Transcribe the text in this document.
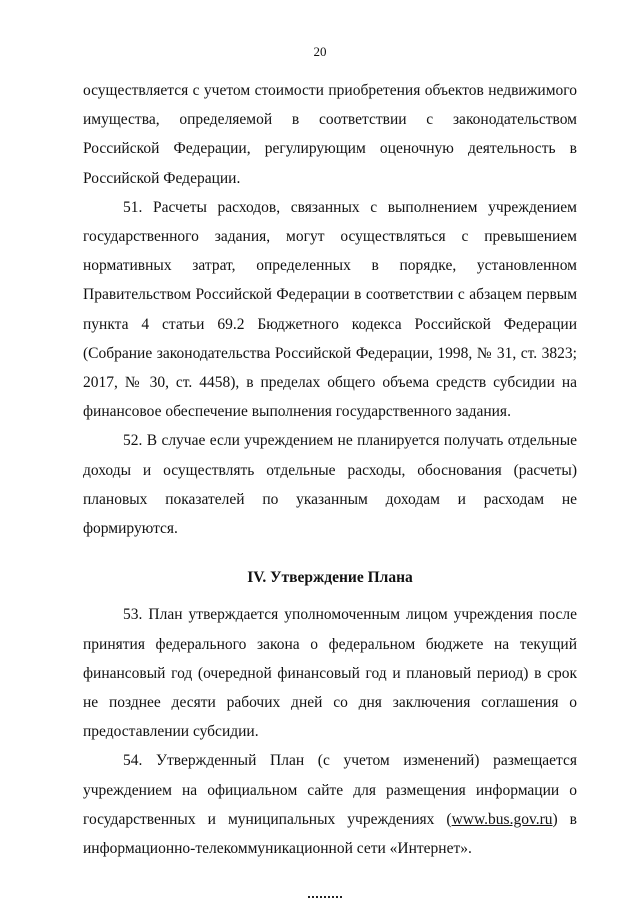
20

осуществляется с учетом стоимости приобретения объектов недвижимого имущества, определяемой в соответствии с законодательством Российской Федерации, регулирующим оценочную деятельность в Российской Федерации.

51. Расчеты расходов, связанных с выполнением учреждением государственного задания, могут осуществляться с превышением нормативных затрат, определенных в порядке, установленном Правительством Российской Федерации в соответствии с абзацем первым пункта 4 статьи 69.2 Бюджетного кодекса Российской Федерации (Собрание законодательства Российской Федерации, 1998, № 31, ст. 3823; 2017, № 30, ст. 4458), в пределах общего объема средств субсидии на финансовое обеспечение выполнения государственного задания.

52. В случае если учреждением не планируется получать отдельные доходы и осуществлять отдельные расходы, обоснования (расчеты) плановых показателей по указанным доходам и расходам не формируются.

IV. Утверждение Плана

53. План утверждается уполномоченным лицом учреждения после принятия федерального закона о федеральном бюджете на текущий финансовый год (очередной финансовый год и плановый период) в срок не позднее десяти рабочих дней со дня заключения соглашения о предоставлении субсидии.

54. Утвержденный План (с учетом изменений) размещается учреждением на официальном сайте для размещения информации о государственных и муниципальных учреждениях (www.bus.gov.ru) в информационно-телекоммуникационной сети «Интернет».
